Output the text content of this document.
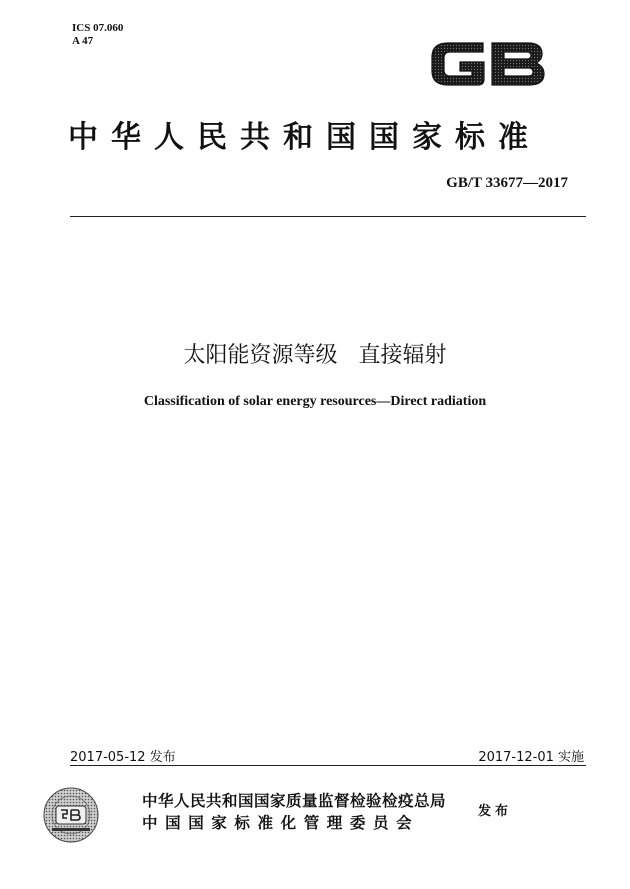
ICS 07.060
A 47
中华人民共和国国家标准
GB/T 33677—2017
太阳能资源等级   直接辐射
Classification of solar energy resources—Direct radiation
2017-05-12 发布	2017-12-01 实施
中华人民共和国国家质量监督检验检疫总局
中国国家标准化管理委员会
发布
